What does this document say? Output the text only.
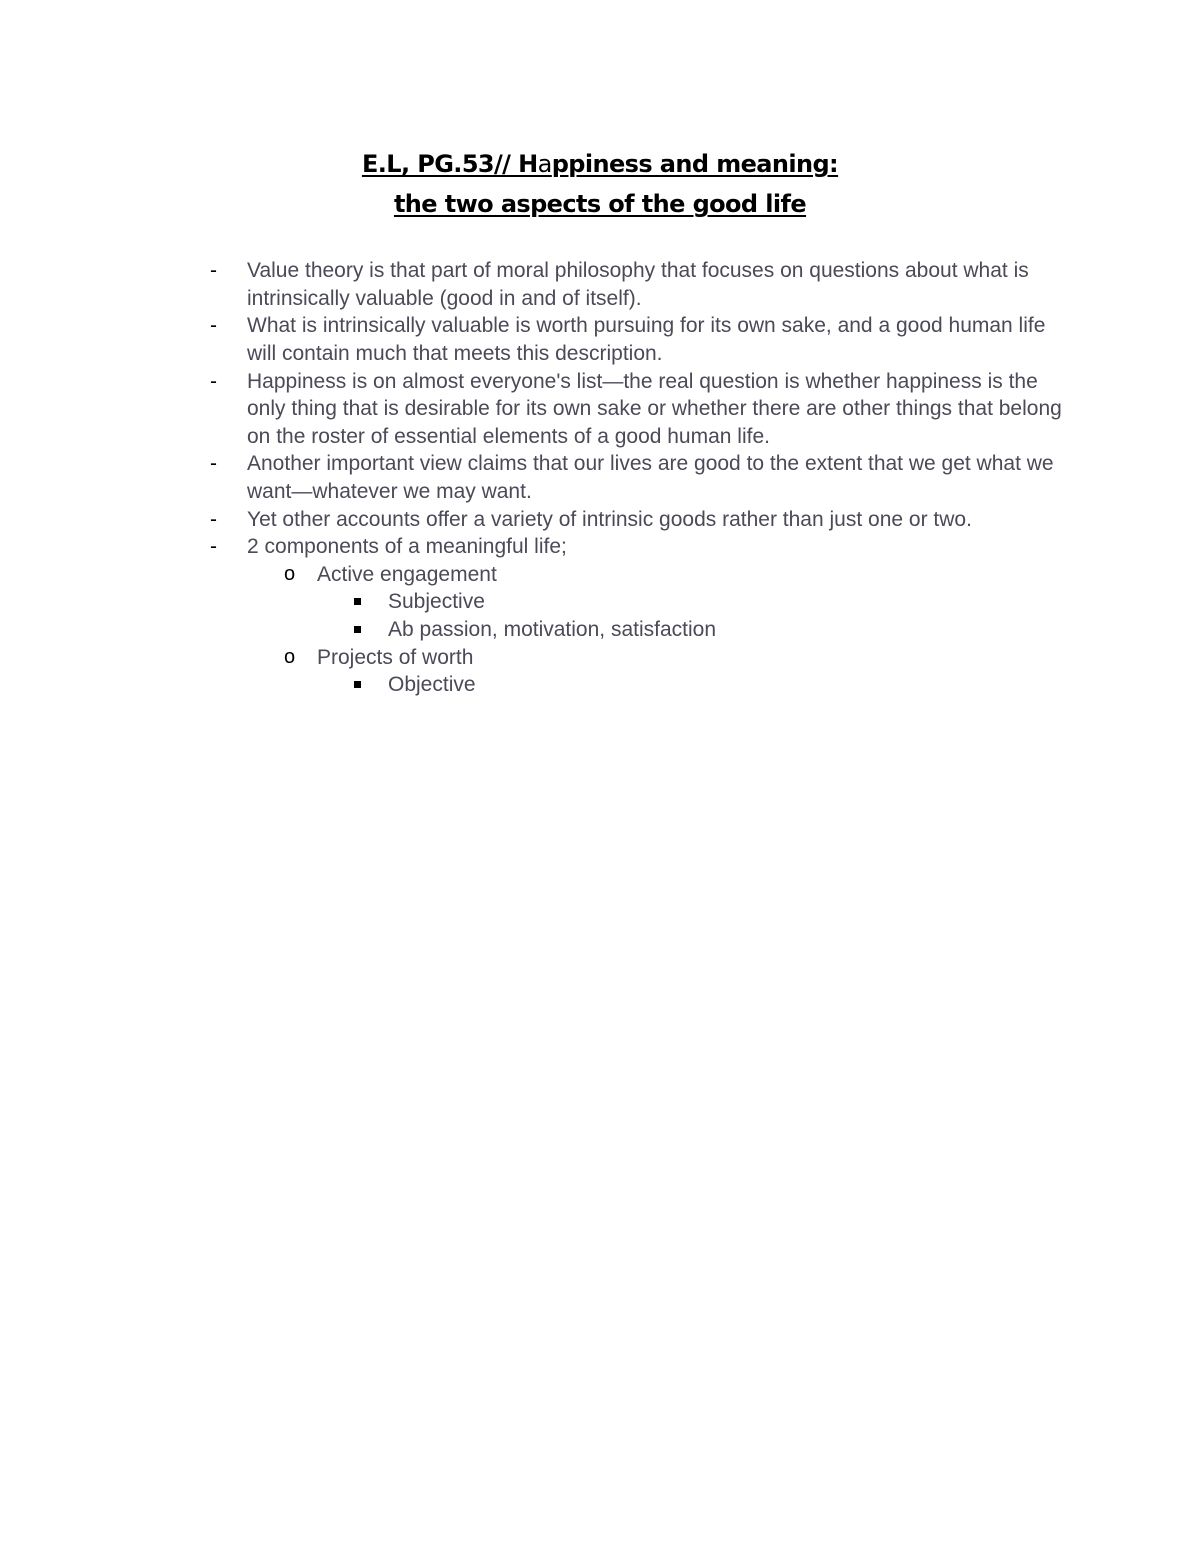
E.L, PG.53// Happiness and meaning:
the two aspects of the good life
- Value theory is that part of moral philosophy that focuses on questions about what is intrinsically valuable (good in and of itself).
- What is intrinsically valuable is worth pursuing for its own sake, and a good human life will contain much that meets this description.
- Happiness is on almost everyone's list—the real question is whether happiness is the only thing that is desirable for its own sake or whether there are other things that belong on the roster of essential elements of a good human life.
- Another important view claims that our lives are good to the extent that we get what we want—whatever we may want.
- Yet other accounts offer a variety of intrinsic goods rather than just one or two.
- 2 components of a meaningful life;
o Active engagement
Subjective
Ab passion, motivation, satisfaction
o Projects of worth
Objective
